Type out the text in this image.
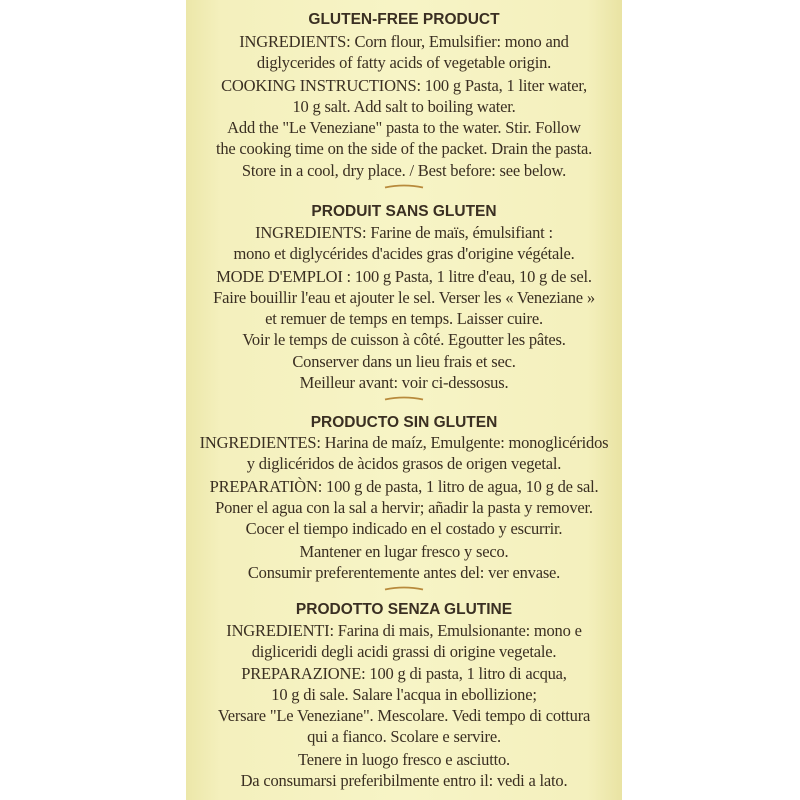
GLUTEN-FREE PRODUCT
INGREDIENTS: Corn flour, Emulsifier: mono and
diglycerides of fatty acids of vegetable origin.
COOKING INSTRUCTIONS: 100 g Pasta, 1 liter water,
10 g salt. Add salt to boiling water.
Add the "Le Veneziane" pasta to the water. Stir. Follow
the cooking time on the side of the packet. Drain the pasta.
Store in a cool, dry place. / Best before: see below.
PRODUIT SANS GLUTEN
INGREDIENTS: Farine de maïs, émulsifiant :
mono et diglycérides d'acides gras d'origine végétale.
MODE D'EMPLOI : 100 g Pasta, 1 litre d'eau, 10 g de sel.
Faire bouillir l'eau et ajouter le sel. Verser les « Veneziane »
et remuer de temps en temps. Laisser cuire.
Voir le temps de cuisson à côté. Egoutter les pâtes.
Conserver dans un lieu frais et sec.
Meilleur avant: voir ci-dessosus.
PRODUCTO SIN GLUTEN
INGREDIENTES: Harina de maíz, Emulgente: monoglicéridos
y diglicéridos de àcidos grasos de origen vegetal.
PREPARATIÒN: 100 g de pasta, 1 litro de agua, 10 g de sal.
Poner el agua con la sal a hervir; añadir la pasta y remover.
Cocer el tiempo indicado en el costado y escurrir.
Mantener en lugar fresco y seco.
Consumir preferentemente antes del: ver envase.
PRODOTTO SENZA GLUTINE
INGREDIENTI: Farina di mais, Emulsionante: mono e
digliceridi degli acidi grassi di origine vegetale.
PREPARAZIONE: 100 g di pasta, 1 litro di acqua,
10 g di sale. Salare l'acqua in ebollizione;
Versare "Le Veneziane". Mescolare. Vedi tempo di cottura
qui a fianco. Scolare e servire.
Tenere in luogo fresco e asciutto.
Da consumarsi preferibilmente entro il: vedi a lato.
